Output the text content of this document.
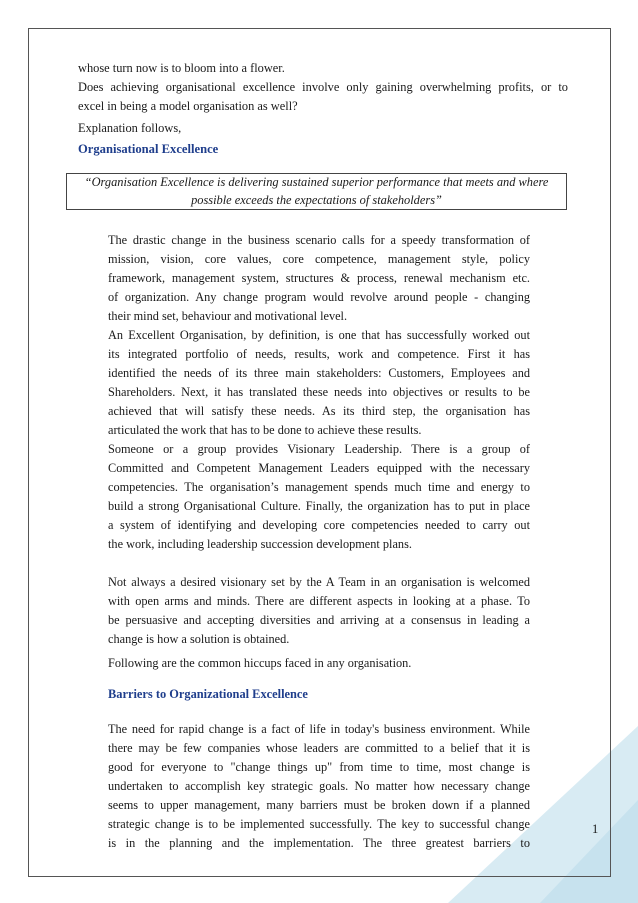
whose turn now is to bloom into a flower.
Does achieving organisational excellence involve only gaining overwhelming profits, or to
excel in being a model organisation as well?
Explanation follows,
Organisational Excellence
“Organisation Excellence is delivering sustained superior performance that meets and where
possible exceeds the expectations of stakeholders”
The drastic change in the business scenario calls for a speedy transformation of
mission, vision, core values, core competence, management style, policy
framework, management system, structures & process, renewal mechanism etc.
of organization. Any change program would revolve around people - changing
their mind set, behaviour and motivational level.
An Excellent Organisation, by definition, is one that has successfully worked out
its integrated portfolio of needs, results, work and competence. First it has
identified the needs of its three main stakeholders: Customers, Employees and
Shareholders. Next, it has translated these needs into objectives or results to be
achieved that will satisfy these needs. As its third step, the organisation has
articulated the work that has to be done to achieve these results.
Someone or a group provides Visionary Leadership. There is a group of
Committed and Competent Management Leaders equipped with the necessary
competencies. The organisation’s management spends much time and energy to
build a strong Organisational Culture. Finally, the organization has to put in place
a system of identifying and developing core competencies needed to carry out
the work, including leadership succession development plans.
Not always a desired visionary set by the A Team in an organisation is welcomed
with open arms and minds. There are different aspects in looking at a phase. To
be persuasive and accepting diversities and arriving at a consensus in leading a
change is how a solution is obtained.
Following are the common hiccups faced in any organisation.
Barriers to Organizational Excellence
The need for rapid change is a fact of life in today's business environment. While
there may be few companies whose leaders are committed to a belief that it is
good for everyone to "change things up" from time to time, most change is
undertaken to accomplish key strategic goals. No matter how necessary change
seems to upper management, many barriers must be broken down if a planned
strategic change is to be implemented successfully. The key to successful change
is in the planning and the implementation. The three greatest barriers to
1
